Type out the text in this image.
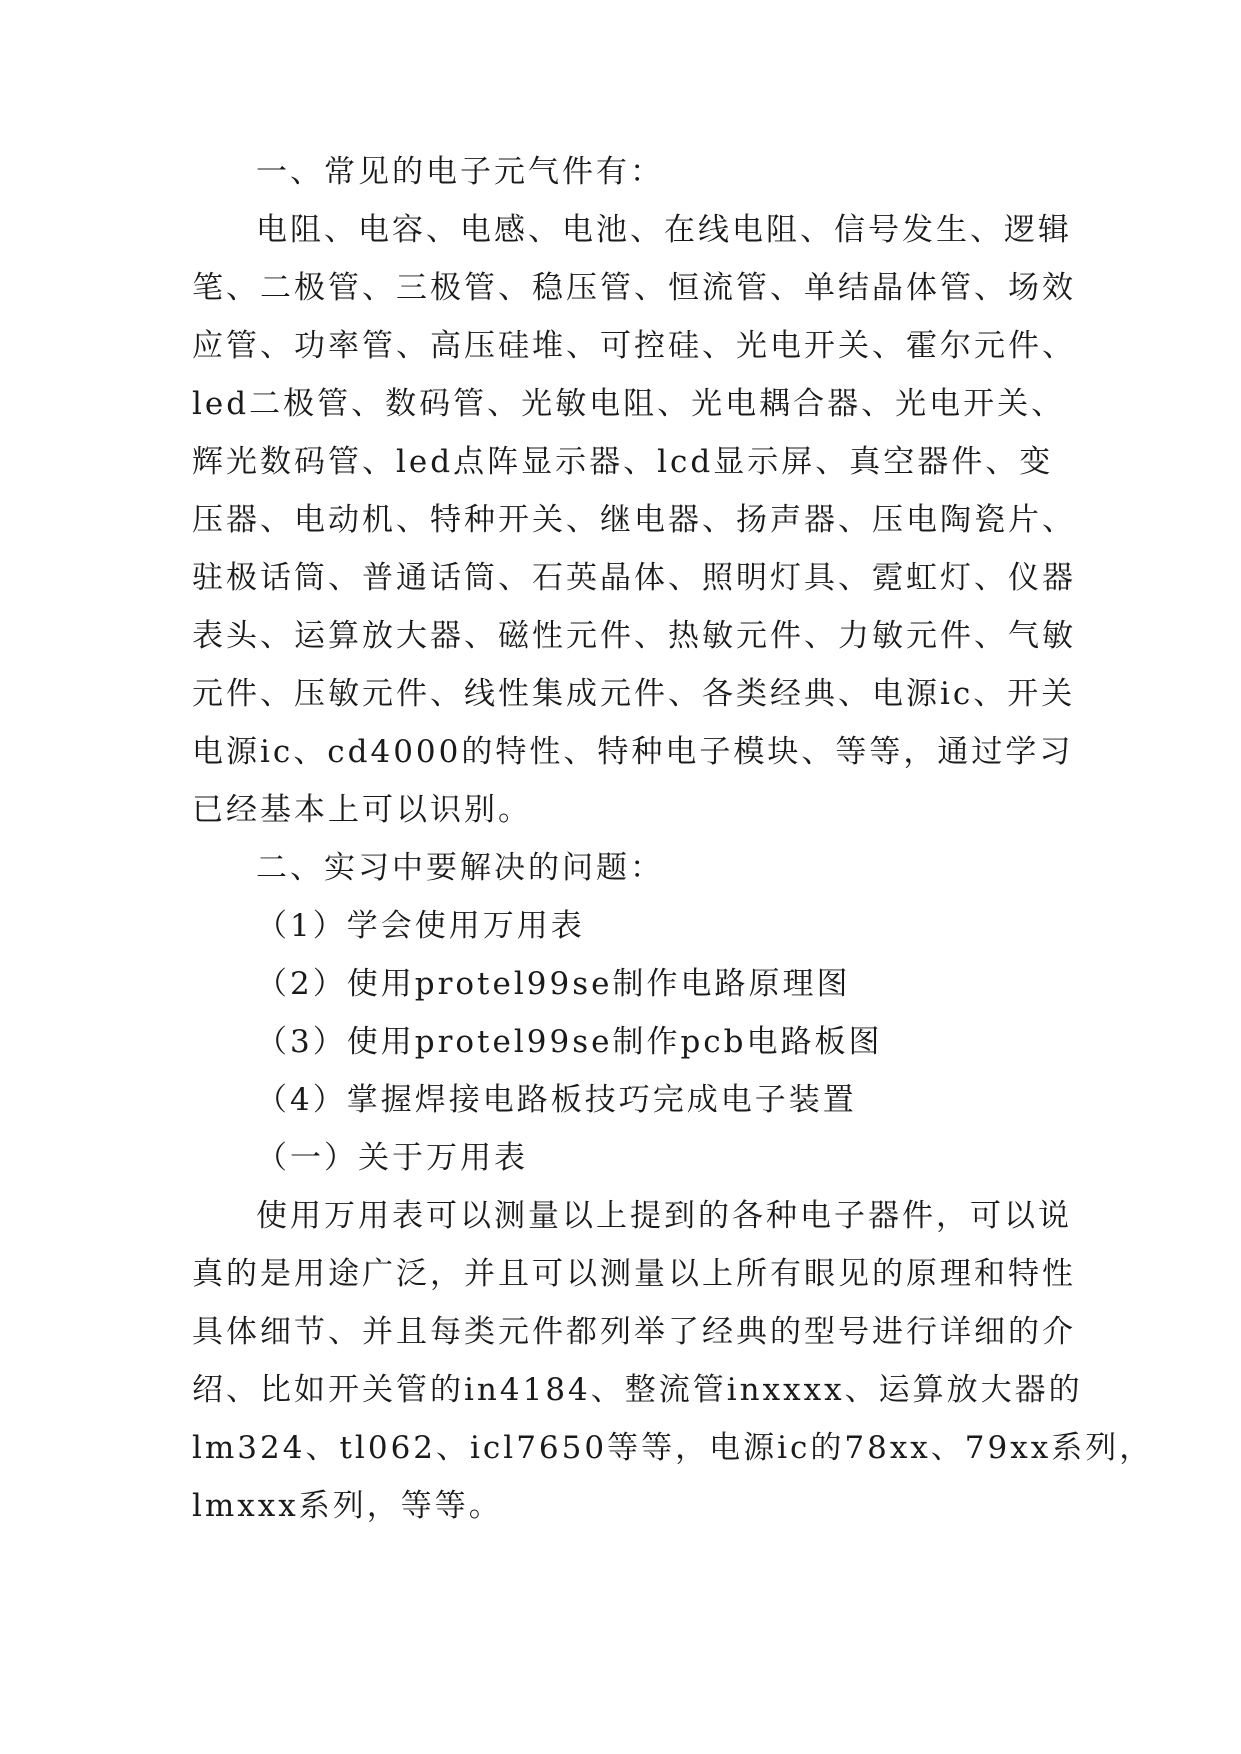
一、常见的电子元气件有：
电阻、电容、电感、电池、在线电阻、信号发生、逻辑
笔、二极管、三极管、稳压管、恒流管、单结晶体管、场效
应管、功率管、高压硅堆、可控硅、光电开关、霍尔元件、
led二极管、数码管、光敏电阻、光电耦合器、光电开关、
辉光数码管、led点阵显示器、lcd显示屏、真空器件、变
压器、电动机、特种开关、继电器、扬声器、压电陶瓷片、
驻极话筒、普通话筒、石英晶体、照明灯具、霓虹灯、仪器
表头、运算放大器、磁性元件、热敏元件、力敏元件、气敏
元件、压敏元件、线性集成元件、各类经典、电源ic、开关
电源ic、cd4000的特性、特种电子模块、等等，通过学习
已经基本上可以识别。
二、实习中要解决的问题：
（1）学会使用万用表
（2）使用protel99se制作电路原理图
（3）使用protel99se制作pcb电路板图
（4）掌握焊接电路板技巧完成电子装置
（一）关于万用表
使用万用表可以测量以上提到的各种电子器件，可以说
真的是用途广泛，并且可以测量以上所有眼见的原理和特性
具体细节、并且每类元件都列举了经典的型号进行详细的介
绍、比如开关管的in4184、整流管inxxxx、运算放大器的
lm324、tl062、icl7650等等，电源ic的78xx、79xx系列，
lmxxx系列，等等。
